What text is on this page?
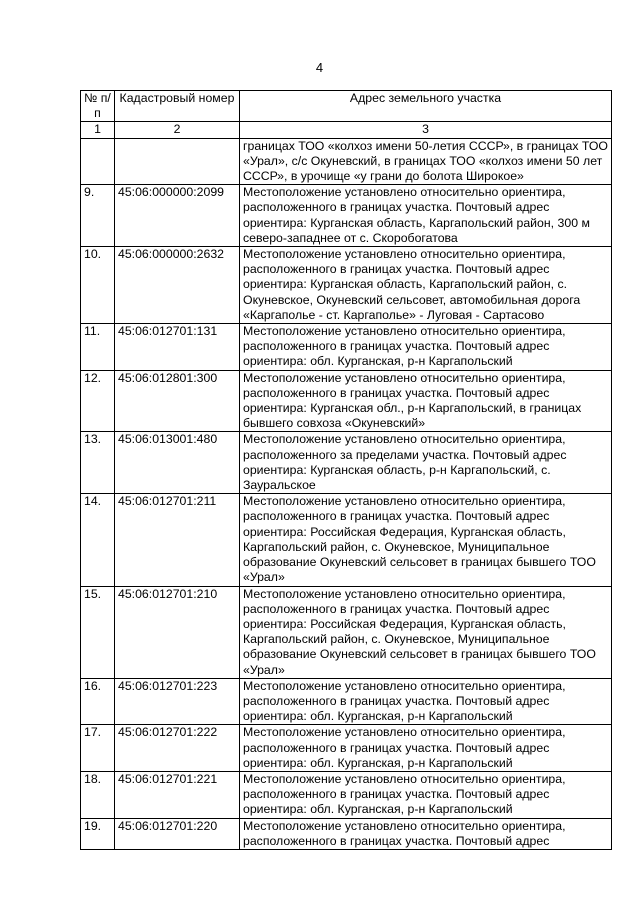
4
№ п/п	Кадастровый номер	Адрес земельного участка
1	2	3
		границах ТОО «колхоз имени 50-летия СССР», в границах ТОО «Урал», с/с Окуневский, в границах ТОО «колхоз имени 50 лет СССР», в урочище «у грани до болота Широкое»
9.	45:06:000000:2099	Местоположение установлено относительно ориентира, расположенного в границах участка. Почтовый адрес ориентира: Курганская область, Каргапольский район, 300 м северо-западнее от с. Скоробогатова
10.	45:06:000000:2632	Местоположение установлено относительно ориентира, расположенного в границах участка. Почтовый адрес ориентира: Курганская область, Каргапольский район, с. Окуневское, Окуневский сельсовет, автомобильная дорога «Каргаполье - ст. Каргаполье» - Луговая - Сартасово
11.	45:06:012701:131	Местоположение установлено относительно ориентира, расположенного в границах участка. Почтовый адрес ориентира: обл. Курганская, р-н Каргапольский
12.	45:06:012801:300	Местоположение установлено относительно ориентира, расположенного в границах участка. Почтовый адрес ориентира: Курганская обл., р-н Каргапольский, в границах бывшего совхоза «Окуневский»
13.	45:06:013001:480	Местоположение установлено относительно ориентира, расположенного за пределами участка. Почтовый адрес ориентира: Курганская область, р-н Каргапольский, с. Зауральское
14.	45:06:012701:211	Местоположение установлено относительно ориентира, расположенного в границах участка. Почтовый адрес ориентира: Российская Федерация, Курганская область, Каргапольский район, с. Окуневское, Муниципальное образование Окуневский сельсовет в границах бывшего ТОО «Урал»
15.	45:06:012701:210	Местоположение установлено относительно ориентира, расположенного в границах участка. Почтовый адрес ориентира: Российская Федерация, Курганская область, Каргапольский район, с. Окуневское, Муниципальное образование Окуневский сельсовет в границах бывшего ТОО «Урал»
16.	45:06:012701:223	Местоположение установлено относительно ориентира, расположенного в границах участка. Почтовый адрес ориентира: обл. Курганская, р-н Каргапольский
17.	45:06:012701:222	Местоположение установлено относительно ориентира, расположенного в границах участка. Почтовый адрес ориентира: обл. Курганская, р-н Каргапольский
18.	45:06:012701:221	Местоположение установлено относительно ориентира, расположенного в границах участка. Почтовый адрес ориентира: обл. Курганская, р-н Каргапольский
19.	45:06:012701:220	Местоположение установлено относительно ориентира, расположенного в границах участка. Почтовый адрес
